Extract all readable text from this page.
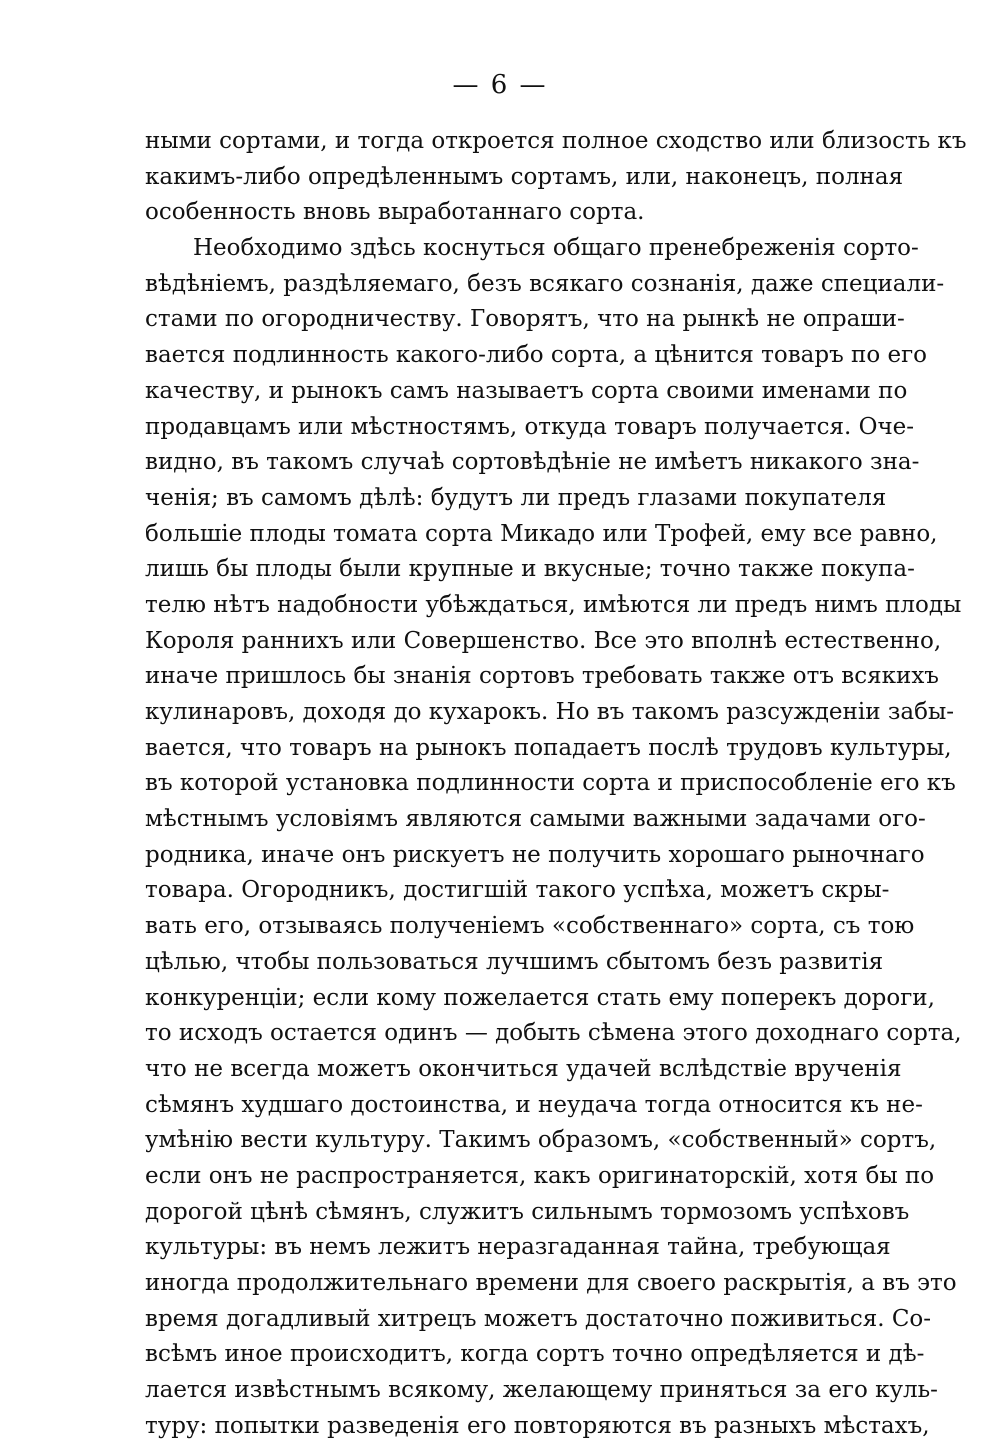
— 6 —
ными сортами, и тогда откроется полное сходство или близость къ
какимъ-либо опредѣленнымъ сортамъ, или, наконецъ, полная
особенность вновь выработаннаго сорта.
Необходимо здѣсь коснуться общаго пренебреженія сорто-
вѣдѣніемъ, раздѣляемаго, безъ всякаго сознанія, даже специали-
стами по огородничеству. Говорятъ, что на рынкѣ не опраши-
вается подлинность какого-либо сорта, а цѣнится товаръ по его
качеству, и рынокъ самъ называетъ сорта своими именами по
продавцамъ или мѣстностямъ, откуда товаръ получается. Оче-
видно, въ такомъ случаѣ сортовѣдѣніе не имѣетъ никакого зна-
ченія; въ самомъ дѣлѣ: будутъ ли предъ глазами покупателя
большіе плоды томата сорта Микадо или Трофей, ему все равно,
лишь бы плоды были крупные и вкусные; точно также покупа-
телю нѣтъ надобности убѣждаться, имѣются ли предъ нимъ плоды
Короля раннихъ или Совершенство. Все это вполнѣ естественно,
иначе пришлось бы знанія сортовъ требовать также отъ всякихъ
кулинаровъ, доходя до кухарокъ. Но въ такомъ разсужденіи забы-
вается, что товаръ на рынокъ попадаетъ послѣ трудовъ культуры,
въ которой установка подлинности сорта и приспособленіе его къ
мѣстнымъ условіямъ являются самыми важными задачами ого-
родника, иначе онъ рискуетъ не получить хорошаго рыночнаго
товара. Огородникъ, достигшій такого успѣха, можетъ скры-
вать его, отзываясь полученіемъ «собственнаго» сорта, съ тою
цѣлью, чтобы пользоваться лучшимъ сбытомъ безъ развитія
конкуренціи; если кому пожелается стать ему поперекъ дороги,
то исходъ остается одинъ — добыть сѣмена этого доходнаго сорта,
что не всегда можетъ окончиться удачей вслѣдствіе врученія
сѣмянъ худшаго достоинства, и неудача тогда относится къ не-
умѣнію вести культуру. Такимъ образомъ, «собственный» сортъ,
если онъ не распространяется, какъ оригинаторскій, хотя бы по
дорогой цѣнѣ сѣмянъ, служитъ сильнымъ тормозомъ успѣховъ
культуры: въ немъ лежитъ неразгаданная тайна, требующая
иногда продолжительнаго времени для своего раскрытія, а въ это
время догадливый хитрецъ можетъ достаточно поживиться. Со-
всѣмъ иное происходитъ, когда сортъ точно опредѣляется и дѣ-
лается извѣстнымъ всякому, желающему приняться за его куль-
туру: попытки разведенія его повторяются въ разныхъ мѣстахъ,
